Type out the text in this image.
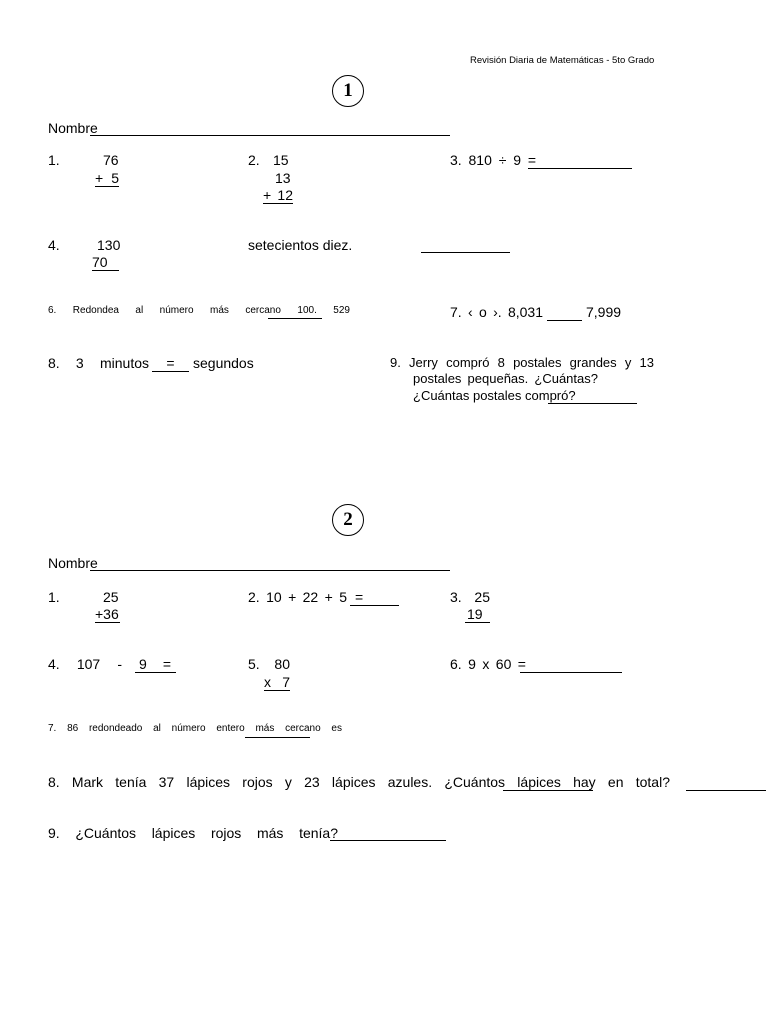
Revisión Diaria de Matemáticas - 5to Grado
1
Nombre
1.	76
+ 5
2. 15
13
+ 12
3. 810 ÷ 9 =
4.	130
70
setecientos diez.
6. Redondea al número más cercano 100. 529	7. ‹ o ›. 8,031	7,999
8. 3 minutos	=	segundos	9. Jerry compró 8 postales grandes y 13
postales pequeñas. ¿Cuántas?
¿Cuántas postales compró?
2
Nombre
1.	25
+36
2. 10 + 22 + 5 =	3. 25
19
4. 107 - 9 =	5. 80
x 7
6. 9 x 60 =
7. 86 redondeado al número entero más cercano es
8. Mark tenía 37 lápices rojos y 23 lápices azules. ¿Cuántos lápices hay en total?
9. ¿Cuántos lápices rojos más tenía?
